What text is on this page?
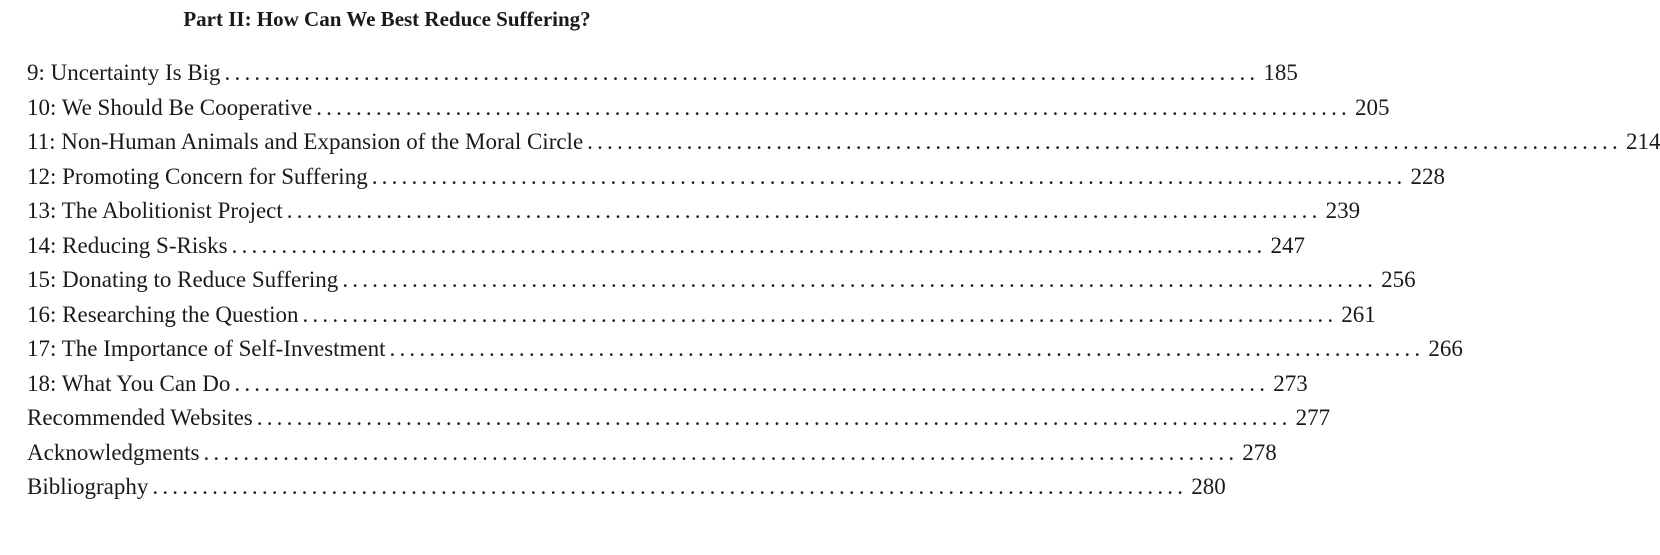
Part II: How Can We Best Reduce Suffering?
9: Uncertainty Is Big ........................................................................................................ 185
10: We Should Be Cooperative ........................................................................................................ 205
11: Non-Human Animals and Expansion of the Moral Circle ........................................................................................................ 214
12: Promoting Concern for Suffering ........................................................................................................ 228
13: The Abolitionist Project ........................................................................................................ 239
14: Reducing S-Risks ........................................................................................................ 247
15: Donating to Reduce Suffering ........................................................................................................ 256
16: Researching the Question ........................................................................................................ 261
17: The Importance of Self-Investment ........................................................................................................ 266
18: What You Can Do ........................................................................................................ 273
Recommended Websites ........................................................................................................ 277
Acknowledgments ........................................................................................................ 278
Bibliography ........................................................................................................ 280
